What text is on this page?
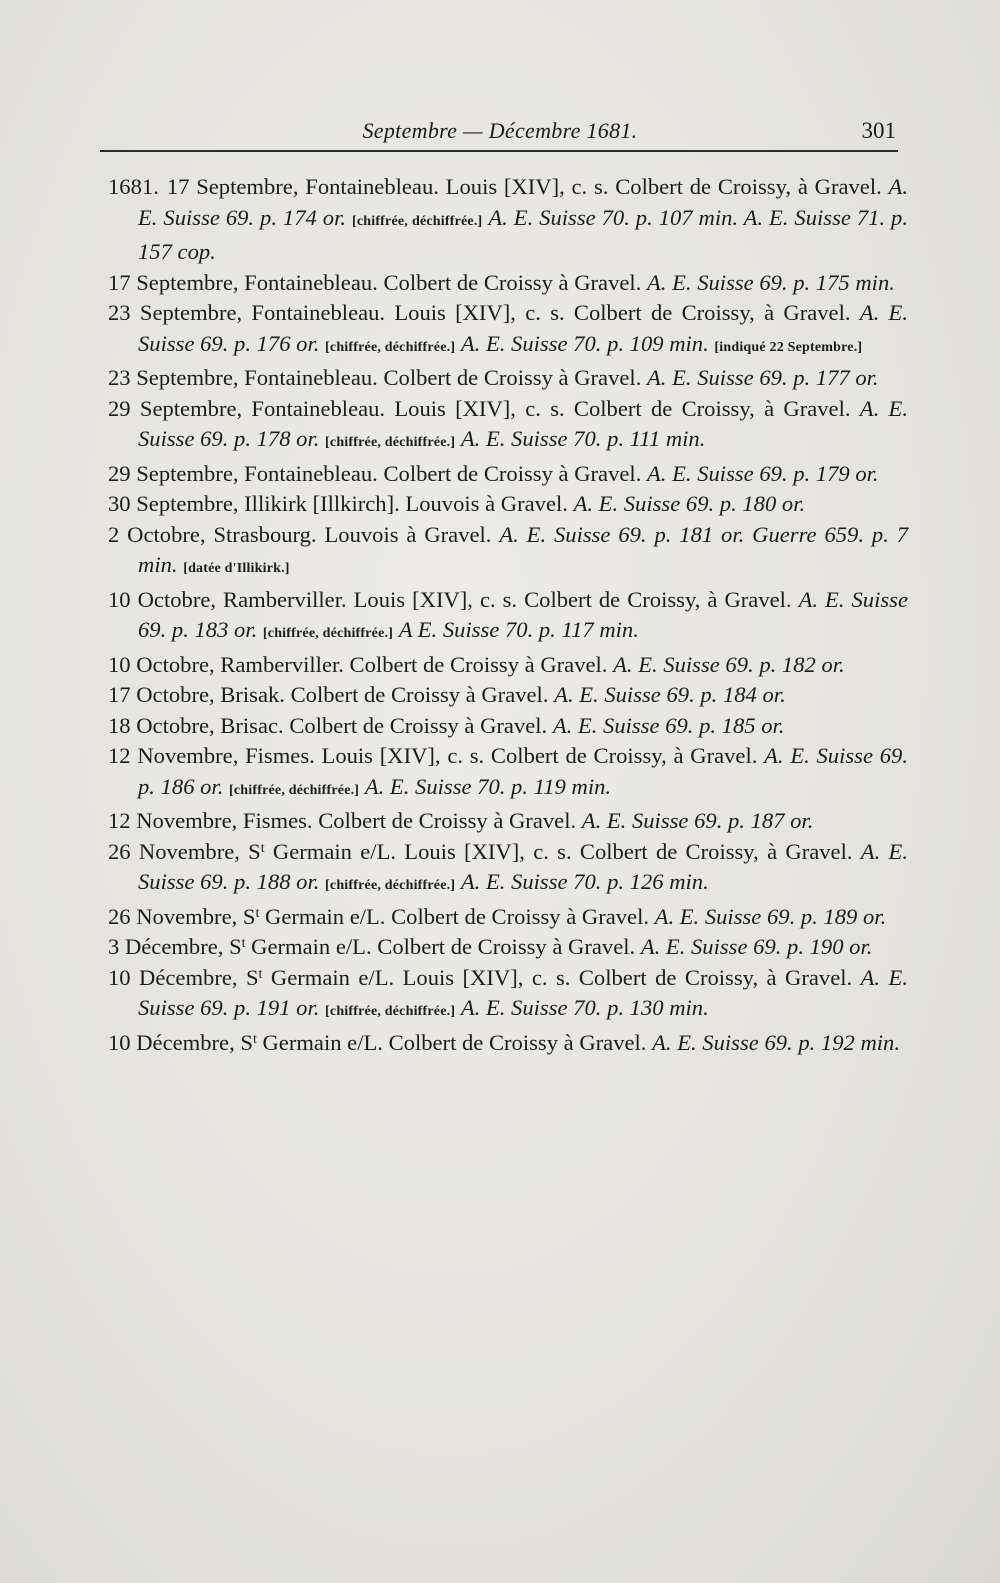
Septembre — Décembre 1681.	301
1681. 17 Septembre, Fontainebleau. Louis [XIV], c. s. Colbert de Croissy, à Gravel. A. E. Suisse 69. p. 174 or. [chiffrée, déchiffrée.] A. E. Suisse 70. p. 107 min. A. E. Suisse 71. p. 157 cop.
17 Septembre, Fontainebleau. Colbert de Croissy à Gravel. A. E. Suisse 69. p. 175 min.
23 Septembre, Fontainebleau. Louis [XIV], c. s. Colbert de Croissy, à Gravel. A. E. Suisse 69. p. 176 or. [chiffrée, déchiffrée.] A. E. Suisse 70. p. 109 min. [indiqué 22 Septembre.]
23 Septembre, Fontainebleau. Colbert de Croissy à Gravel. A. E. Suisse 69. p. 177 or.
29 Septembre, Fontainebleau. Louis [XIV], c. s. Colbert de Croissy, à Gravel. A. E. Suisse 69. p. 178 or. [chiffrée, déchiffrée.] A. E. Suisse 70. p. 111 min.
29 Septembre, Fontainebleau. Colbert de Croissy à Gravel. A. E. Suisse 69. p. 179 or.
30 Septembre, Illikirk [Illkirch]. Louvois à Gravel. A. E. Suisse 69. p. 180 or.
2 Octobre, Strasbourg. Louvois à Gravel. A. E. Suisse 69. p. 181 or. Guerre 659. p. 7 min. [datée d'Illikirk.]
10 Octobre, Ramberviller. Louis [XIV], c. s. Colbert de Croissy, à Gravel. A. E. Suisse 69. p. 183 or. [chiffrée, déchiffrée.] A E. Suisse 70. p. 117 min.
10 Octobre, Ramberviller. Colbert de Croissy à Gravel. A. E. Suisse 69. p. 182 or.
17 Octobre, Brisak. Colbert de Croissy à Gravel. A. E. Suisse 69. p. 184 or.
18 Octobre, Brisac. Colbert de Croissy à Gravel. A. E. Suisse 69. p. 185 or.
12 Novembre, Fismes. Louis [XIV], c. s. Colbert de Croissy, à Gravel. A. E. Suisse 69. p. 186 or. [chiffrée, déchiffrée.] A. E. Suisse 70. p. 119 min.
12 Novembre, Fismes. Colbert de Croissy à Gravel. A. E. Suisse 69. p. 187 or.
26 Novembre, $S^t$ Germain e/L. Louis [XIV], c. s. Colbert de Croissy, à Gravel. A. E. Suisse 69. p. 188 or. [chiffrée, déchiffrée.] A. E. Suisse 70. p. 126 min.
26 Novembre, $S^t$ Germain e/L. Colbert de Croissy à Gravel. A. E. Suisse 69. p. 189 or.
3 Décembre, $S^t$ Germain e/L. Colbert de Croissy à Gravel. A. E. Suisse 69. p. 190 or.
10 Décembre, $S^t$ Germain e/L. Louis [XIV], c. s. Colbert de Croissy, à Gravel. A. E. Suisse 69. p. 191 or. [chiffrée, déchiffrée.] A. E. Suisse 70. p. 130 min.
10 Décembre, $S^t$ Germain e/L. Colbert de Croissy à Gravel. A. E. Suisse 69. p. 192 min.
